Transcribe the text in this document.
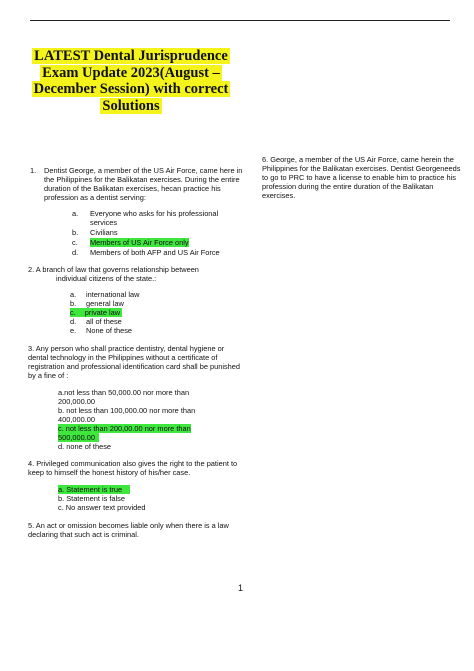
LATEST Dental Jurisprudence
Exam Update 2023(August –
December Session) with correct
Solutions
1. Dentist George, a member of the US Air Force, came here in the Philippines for the Balikatan exercises. During the entire duration of the Balikatan exercises, hecan practice his profession as a dentist serving:
a. Everyone who asks for his professional services
b. Civilians
c. Members of US Air Force only
d. Members of both AFP and US Air Force
2. A branch of law that governs relationship between
individual citizens of the state.:
a. international law
b. general law
c. private law
d. all of these
e. None of these
3. Any person who shall practice dentistry, dental hygiene or dental technology in the Philippines without a certificate of registration and professional identification card shall be punished by a fine of :
a.not less than 50,000.00 nor more than
200,000.00
b. not less than 100,000.00 nor more than
400,000.00
c. not less than 200,00.00 nor more than
500,000.00
d. none of these
4. Privileged communication also gives the right to the patient to keep to himself the honest history of his/her case.
a. Statement is true
b. Statement is false
c. No answer text provided
5. An act or omission becomes liable only when there is a law declaring that such act is criminal.
6. George, a member of the US Air Force, came herein the Philippines for the Balikatan exercises. Dentist Georgeneeds to go to PRC to have a license to enable him to practice his profession during the entire duration of the Balikatan exercises.
1
